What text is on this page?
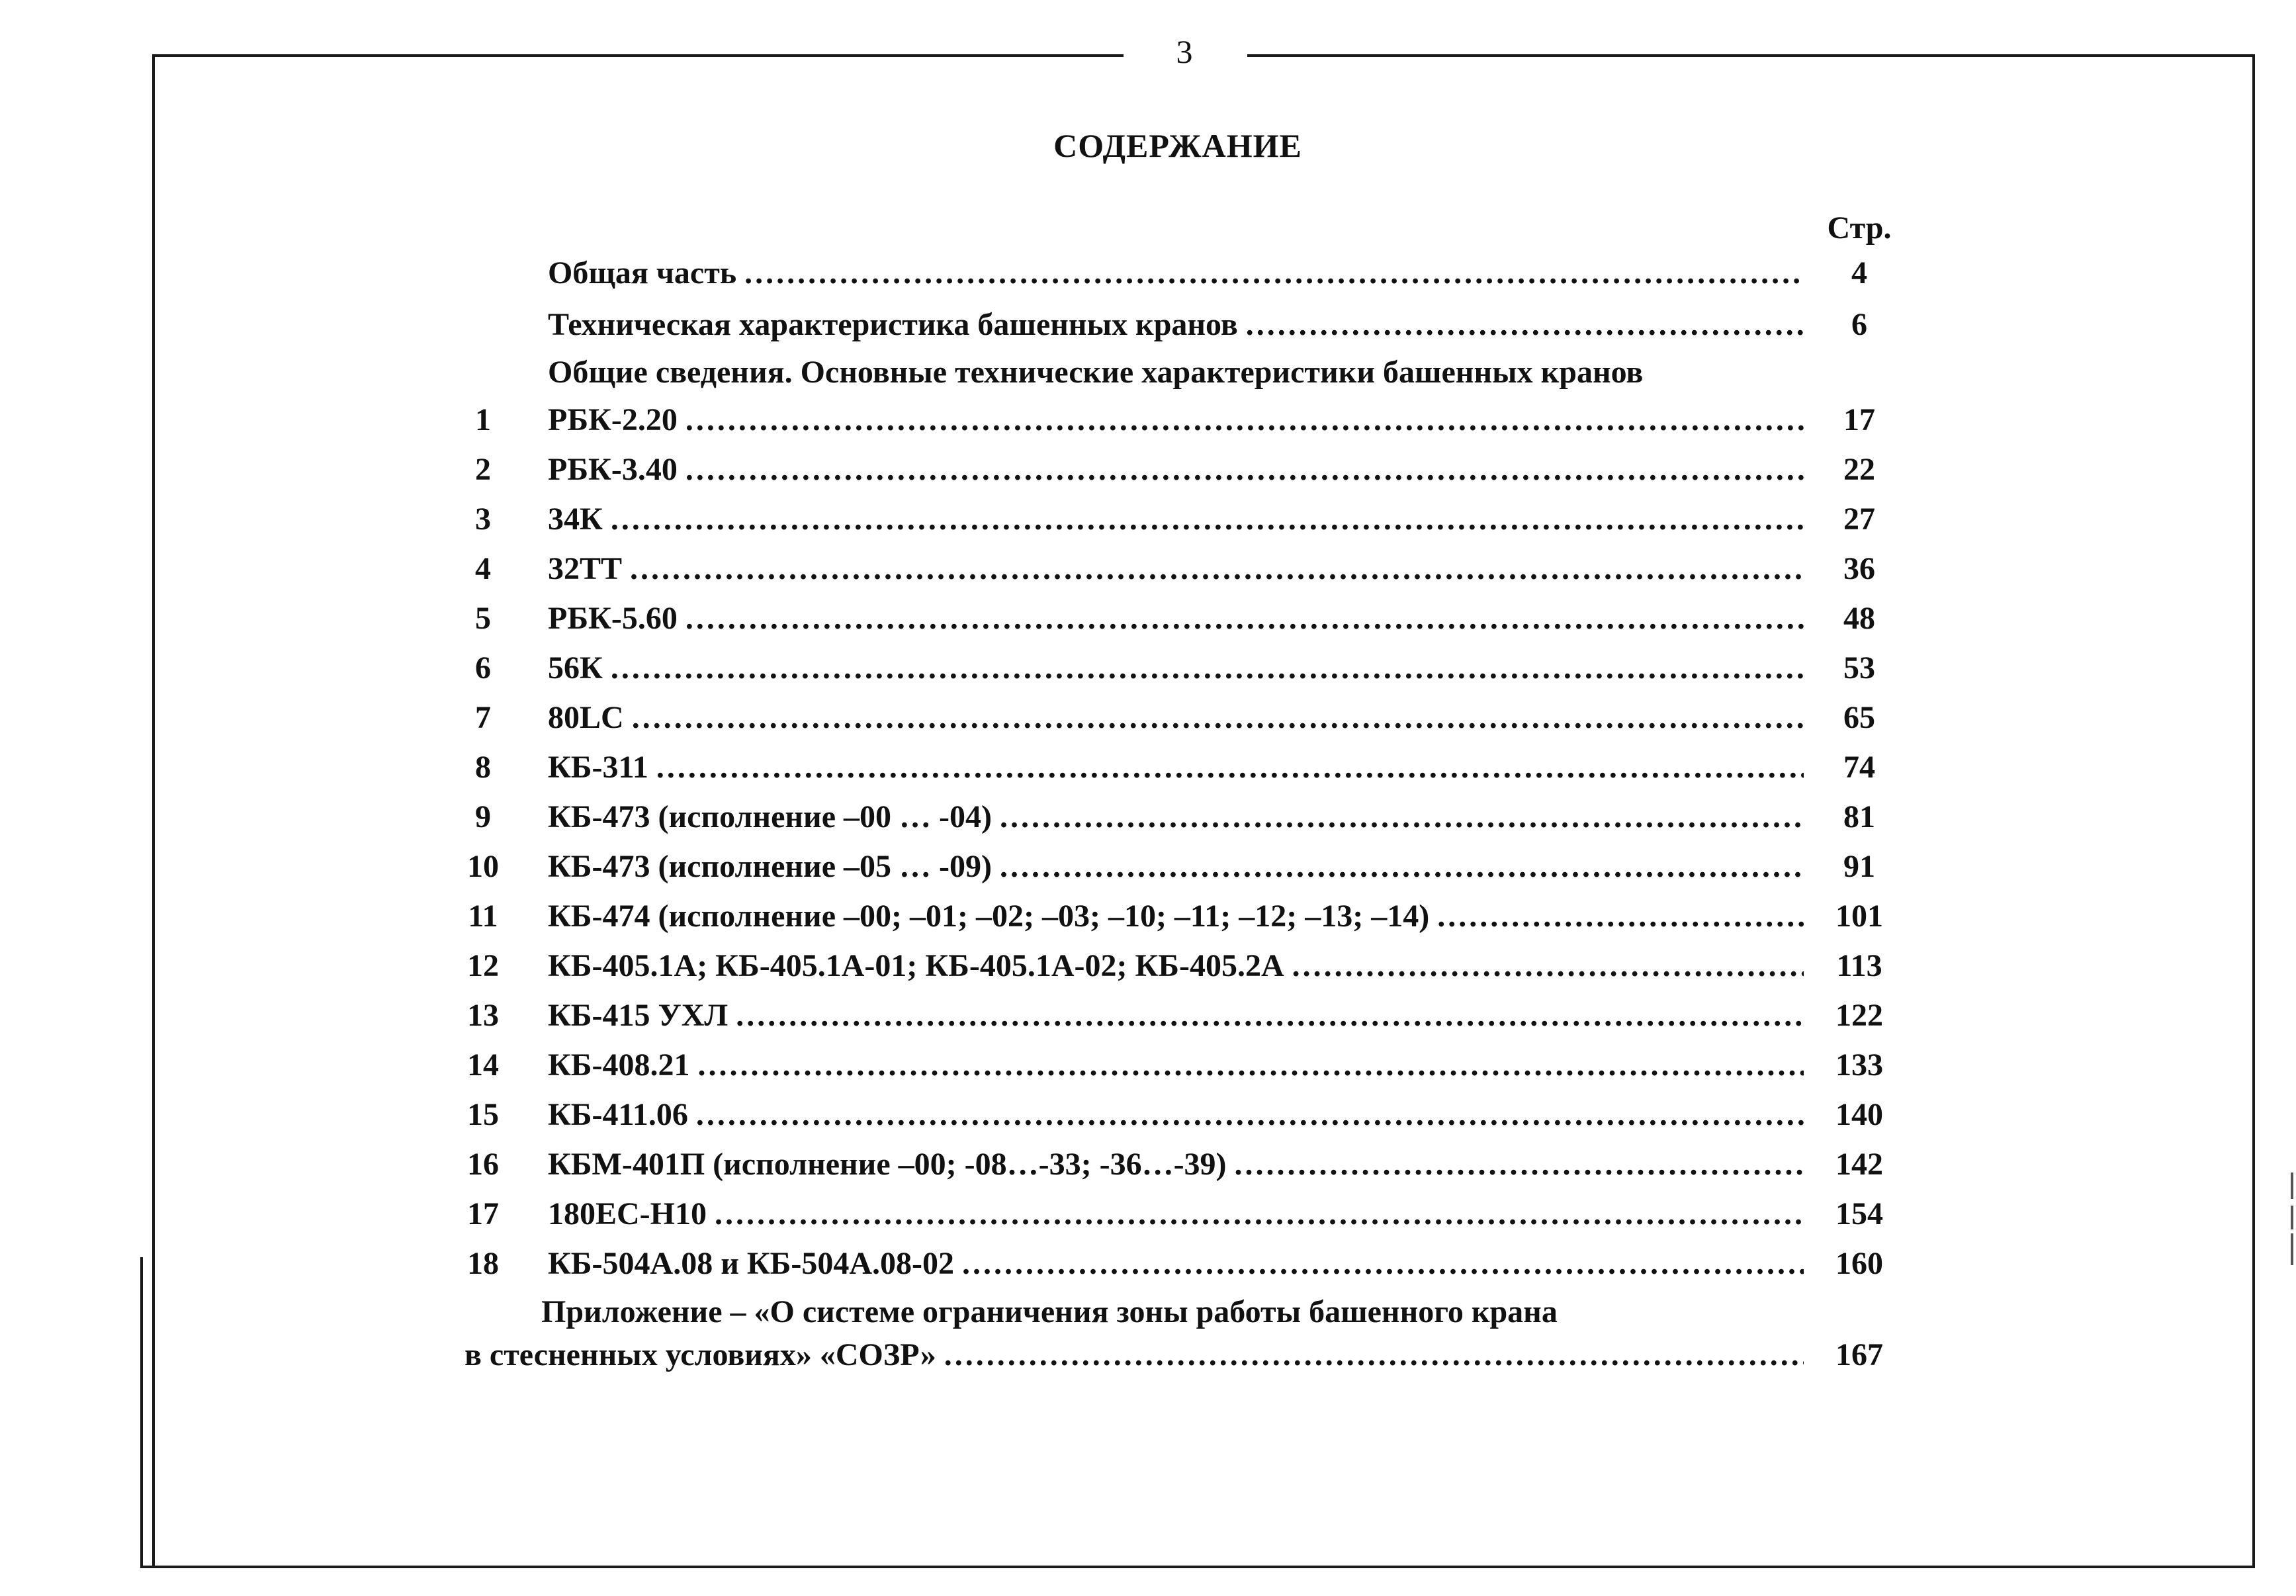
3
СОДЕРЖАНИЕ
Стр.
Общая часть .....	4
Техническая характеристика башенных кранов .....	6
Общие сведения. Основные технические характеристики башенных кранов
1	РБК-2.20 .....	17
2	РБК-3.40 .....	22
3	34К .....	27
4	32ТТ .....	36
5	РБК-5.60 .....	48
6	56К .....	53
7	80LC .....	65
8	КБ-311 .....	74
9	КБ-473 (исполнение –00 … -04) .....	81
10	КБ-473 (исполнение –05 … -09) .....	91
11	КБ-474 (исполнение –00; –01; –02; –03; –10; –11; –12; –13; –14) .....	101
12	КБ-405.1А; КБ-405.1А-01; КБ-405.1А-02; КБ-405.2А .....	113
13	КБ-415 УХЛ .....	122
14	КБ-408.21 .....	133
15	КБ-411.06 .....	140
16	КБМ-401П (исполнение –00; -08…-33; -36…-39) .....	142
17	180EC-H10 .....	154
18	КБ-504А.08 и КБ-504А.08-02 .....	160
Приложение – «О системе ограничения зоны работы башенного крана
в стесненных условиях» «СОЗР» .....	167
